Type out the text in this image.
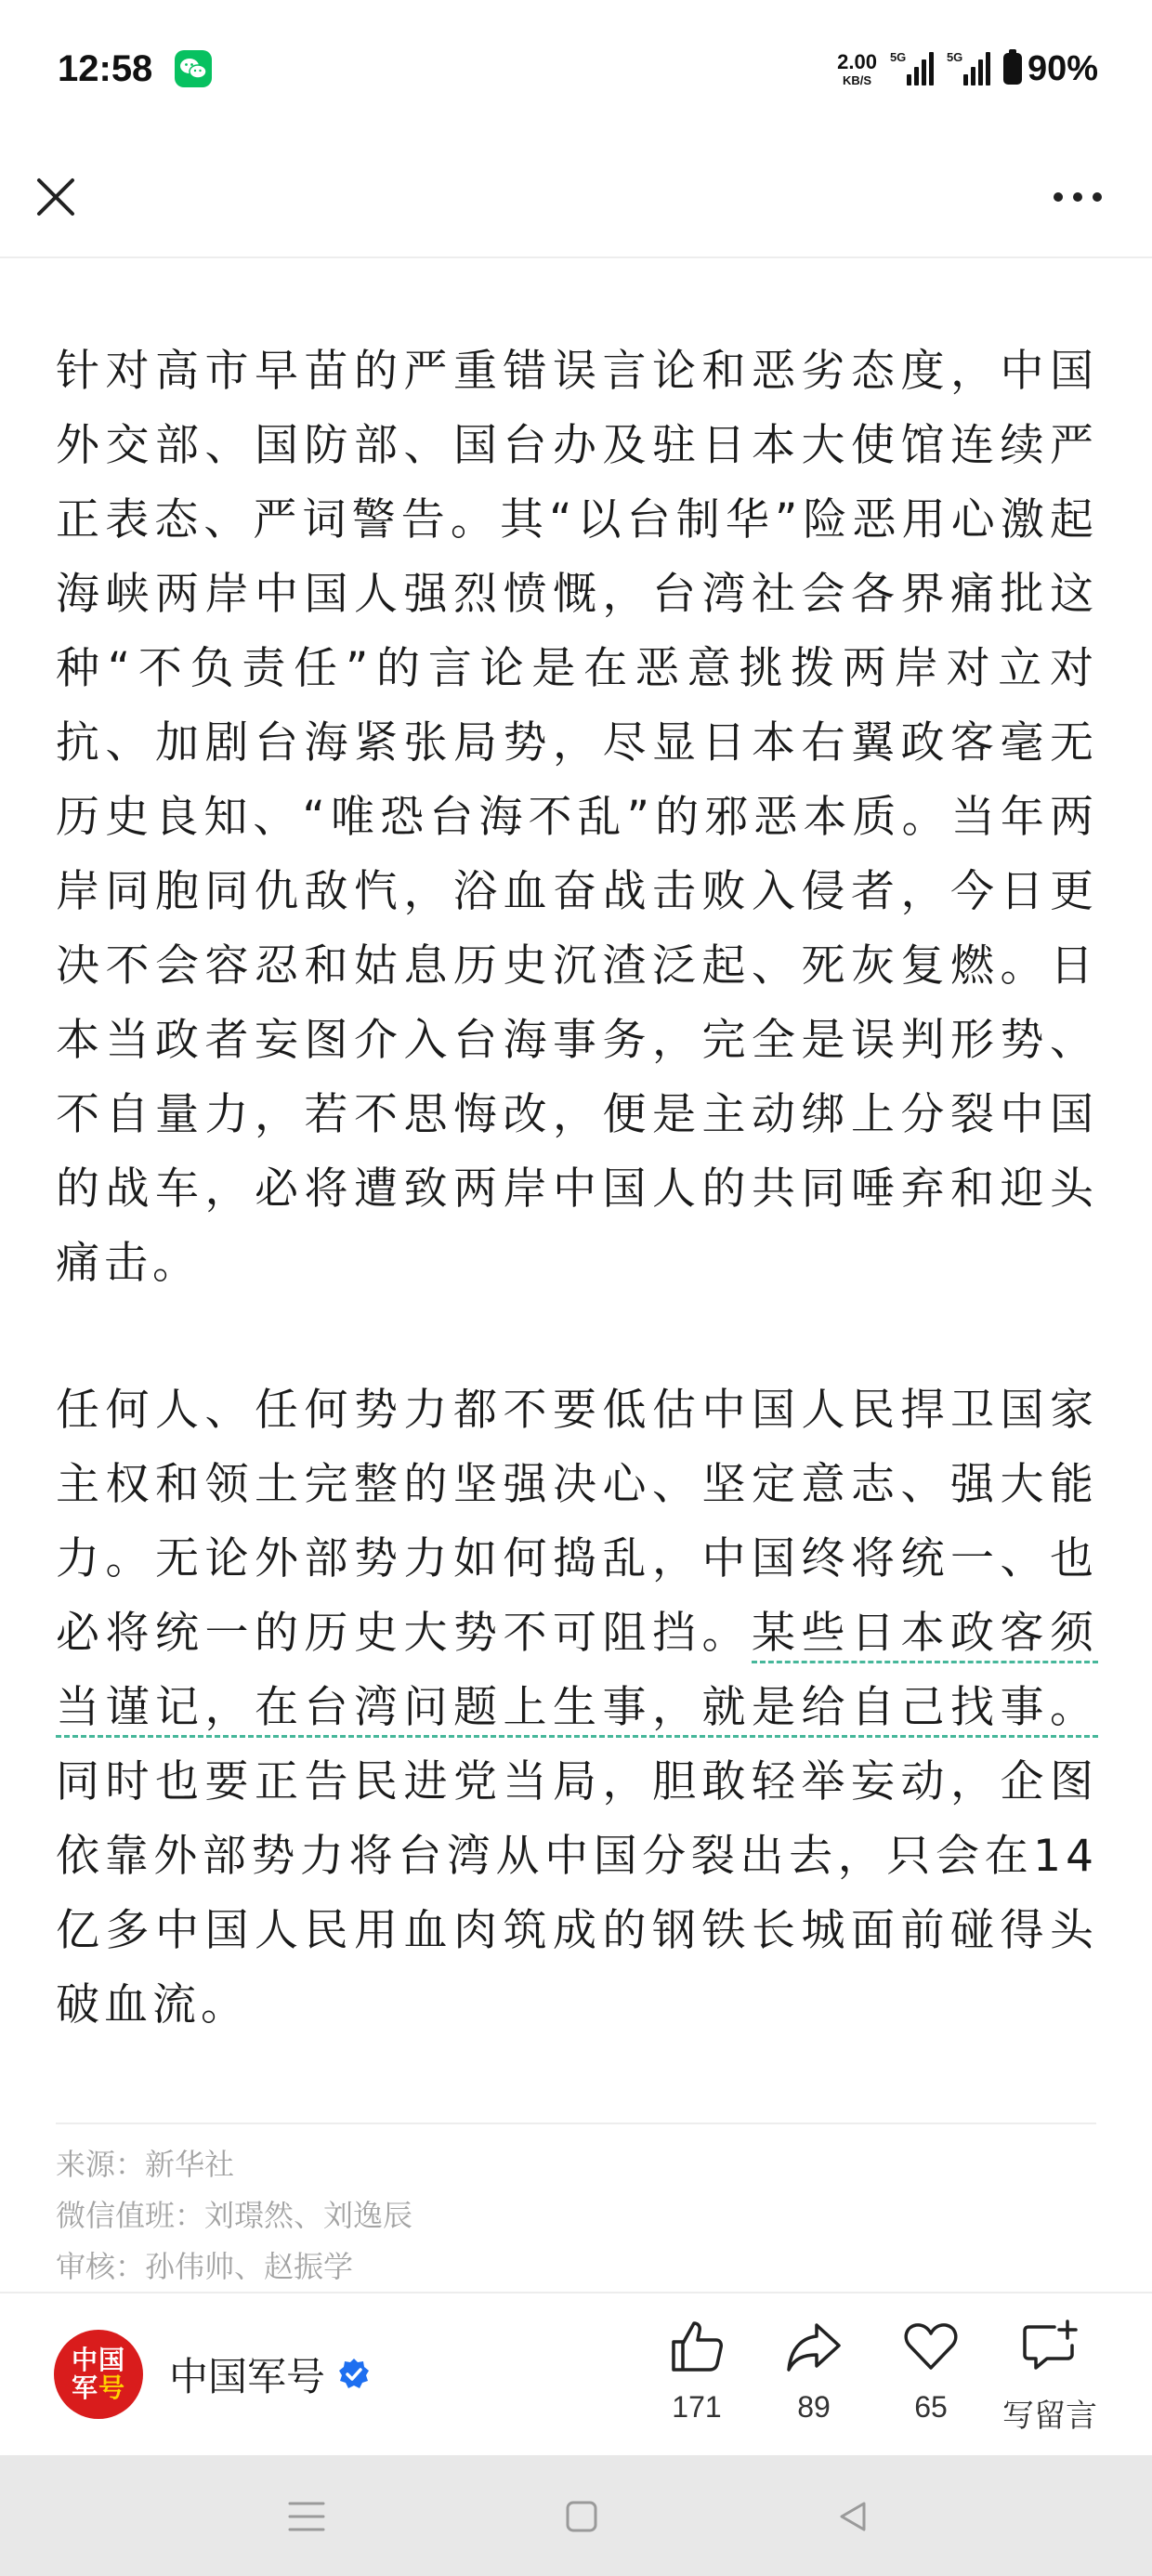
12:58	2.00
KB/S
5G	5G 90%

针对高市早苗的严重错误言论和恶劣态度，中国外交部、国防部、国台办及驻日本大使馆连续严正表态、严词警告。其“以台制华”险恶用心激起海峡两岸中国人强烈愤慨，台湾社会各界痛批这种“不负责任”的言论是在恶意挑拨两岸对立对抗、加剧台海紧张局势，尽显日本右翼政客毫无历史良知、“唯恐台海不乱”的邪恶本质。当年两岸同胞同仇敌忾，浴血奋战击败入侵者，今日更决不会容忍和姑息历史沉渣泛起、死灰复燃。日本当政者妄图介入台海事务，完全是误判形势、不自量力，若不思悔改，便是主动绑上分裂中国的战车，必将遭致两岸中国人的共同唾弃和迎头痛击。

任何人、任何势力都不要低估中国人民捍卫国家主权和领土完整的坚强决心、坚定意志、强大能力。无论外部势力如何捣乱，中国终将统一、也必将统一的历史大势不可阻挡。某些日本政客须当谨记，在台湾问题上生事，就是给自己找事。同时也要正告民进党当局，胆敢轻举妄动，企图依靠外部势力将台湾从中国分裂出去，只会在14亿多中国人民用血肉筑成的钢铁长城面前碰得头破血流。

来源：新华社
微信值班：刘璟然、刘逸辰
审核：孙伟帅、赵振学
中国
军号 中国军号
171	89	65 写留言
